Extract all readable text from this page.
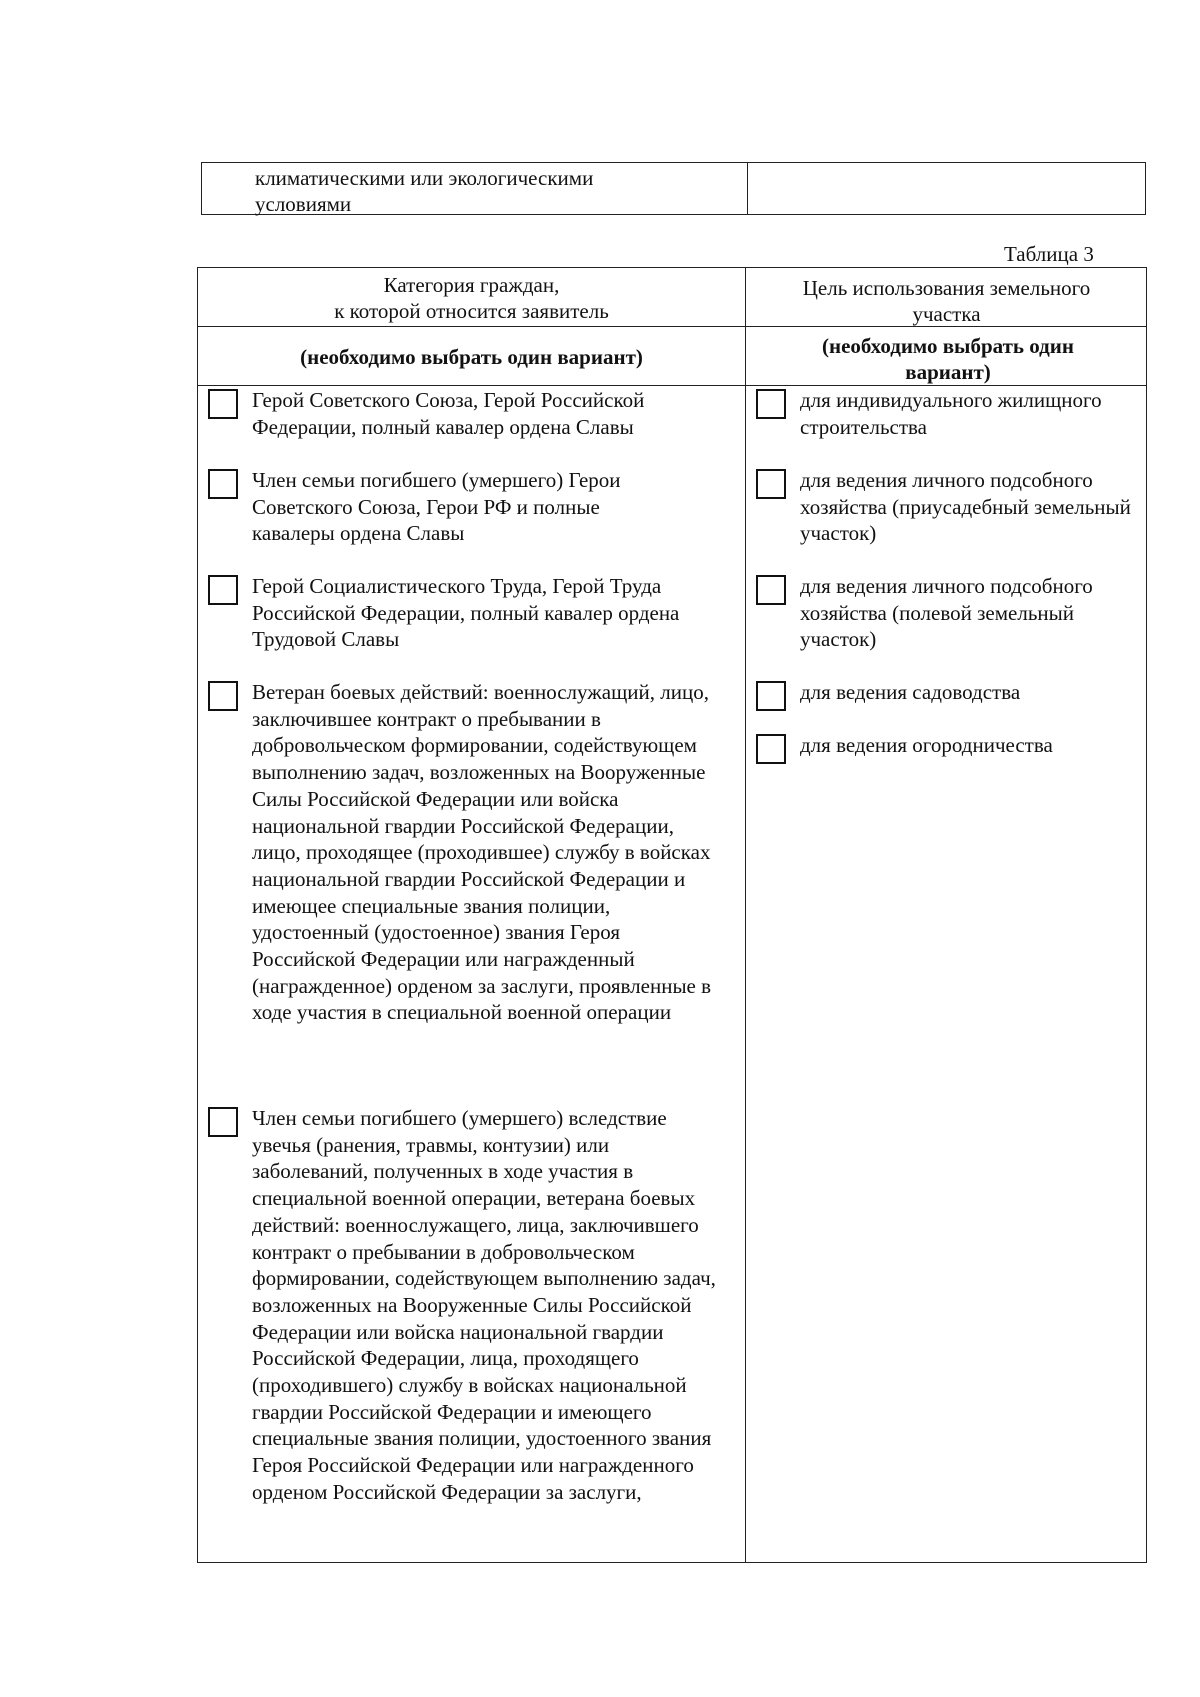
климатическими или экологическими условиями
Таблица 3
Категория граждан,
к которой относится заявитель
Цель использования земельного
участка
(необходимо выбрать один вариант)	(необходимо выбрать один вариант)
Герой Советского Союза, Герой Российской Федерации, полный кавалер ордена Славы
Член семьи погибшего (умершего) Герои Советского Союза, Герои РФ и полные кавалеры ордена Славы
Герой Социалистического Труда, Герой Труда Российской Федерации, полный кавалер ордена Трудовой Славы
Ветеран боевых действий: военнослужащий, лицо, заключившее контракт о пребывании в добровольческом формировании, содействующем выполнению задач, возложенных на Вооруженные Силы Российской Федерации или войска национальной гвардии Российской Федерации, лицо, проходящее (проходившее) службу в войсках национальной гвардии Российской Федерации и имеющее специальные звания полиции, удостоенный (удостоенное) звания Героя Российской Федерации или награжденный (награжденное) орденом за заслуги, проявленные в ходе участия в специальной военной операции
Член семьи погибшего (умершего) вследствие увечья (ранения, травмы, контузии) или заболеваний, полученных в ходе участия в специальной военной операции, ветерана боевых действий: военнослужащего, лица, заключившего контракт о пребывании в добровольческом формировании, содействующем выполнению задач, возложенных на Вооруженные Силы Российской Федерации или войска национальной гвардии Российской Федерации, лица, проходящего (проходившего) службу в войсках национальной гвардии Российской Федерации и имеющего специальные звания полиции, удостоенного звания Героя Российской Федерации или награжденного орденом Российской Федерации за заслуги,
для индивидуального жилищного строительства
для ведения личного подсобного хозяйства (приусадебный земельный участок)
для ведения личного подсобного хозяйства (полевой земельный участок)
для ведения садоводства
для ведения огородничества
